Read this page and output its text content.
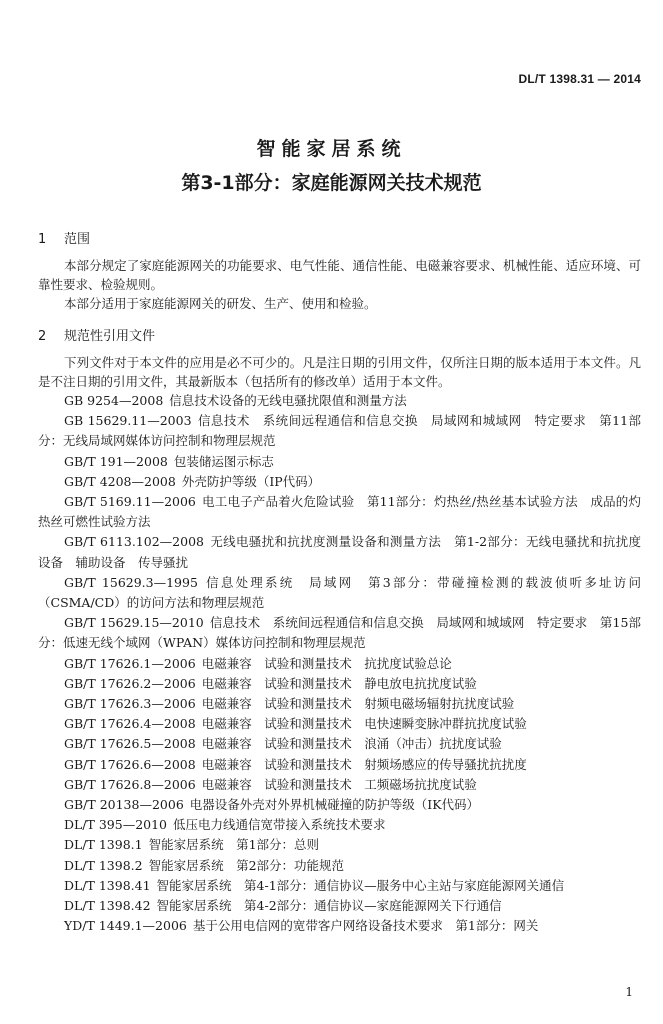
DL/T 1398.31 — 2014
智能家居系统
第3-1部分：家庭能源网关技术规范
1 范围

本部分规定了家庭能源网关的功能要求、电气性能、通信性能、电磁兼容要求、机械性能、适应环境、可靠性要求、检验规则。

本部分适用于家庭能源网关的研发、生产、使用和检验。

2 规范性引用文件

下列文件对于本文件的应用是必不可少的。凡是注日期的引用文件，仅所注日期的版本适用于本文件。凡是不注日期的引用文件，其最新版本（包括所有的修改单）适用于本文件。

GB 9254—2008 信息技术设备的无线电骚扰限值和测量方法

GB 15629.11—2003 信息技术　系统间远程通信和信息交换　局域网和城域网　特定要求　第11部分：无线局域网媒体访问控制和物理层规范

GB/T 191—2008 包装储运图示标志

GB/T 4208—2008 外壳防护等级（IP代码）

GB/T 5169.11—2006 电工电子产品着火危险试验　第11部分：灼热丝/热丝基本试验方法　成品的灼热丝可燃性试验方法

GB/T 6113.102—2008 无线电骚扰和抗扰度测量设备和测量方法　第1-2部分：无线电骚扰和抗扰度设备　辅助设备　传导骚扰

GB/T 15629.3—1995 信息处理系统　局域网　第3部分：带碰撞检测的载波侦听多址访问（CSMA/CD）的访问方法和物理层规范

GB/T 15629.15—2010 信息技术　系统间远程通信和信息交换　局域网和城域网　特定要求　第15部分：低速无线个域网（WPAN）媒体访问控制和物理层规范

GB/T 17626.1—2006 电磁兼容　试验和测量技术　抗扰度试验总论

GB/T 17626.2—2006 电磁兼容　试验和测量技术　静电放电抗扰度试验

GB/T 17626.3—2006 电磁兼容　试验和测量技术　射频电磁场辐射抗扰度试验

GB/T 17626.4—2008 电磁兼容　试验和测量技术　电快速瞬变脉冲群抗扰度试验

GB/T 17626.5—2008 电磁兼容　试验和测量技术　浪涌（冲击）抗扰度试验

GB/T 17626.6—2008 电磁兼容　试验和测量技术　射频场感应的传导骚扰抗扰度

GB/T 17626.8—2006 电磁兼容　试验和测量技术　工频磁场抗扰度试验

GB/T 20138—2006 电器设备外壳对外界机械碰撞的防护等级（IK代码）

DL/T 395—2010 低压电力线通信宽带接入系统技术要求

DL/T 1398.1 智能家居系统　第1部分：总则

DL/T 1398.2 智能家居系统　第2部分：功能规范

DL/T 1398.41 智能家居系统　第4-1部分：通信协议—服务中心主站与家庭能源网关通信

DL/T 1398.42 智能家居系统　第4-2部分：通信协议—家庭能源网关下行通信

YD/T 1449.1—2006 基于公用电信网的宽带客户网络设备技术要求　第1部分：网关

1
